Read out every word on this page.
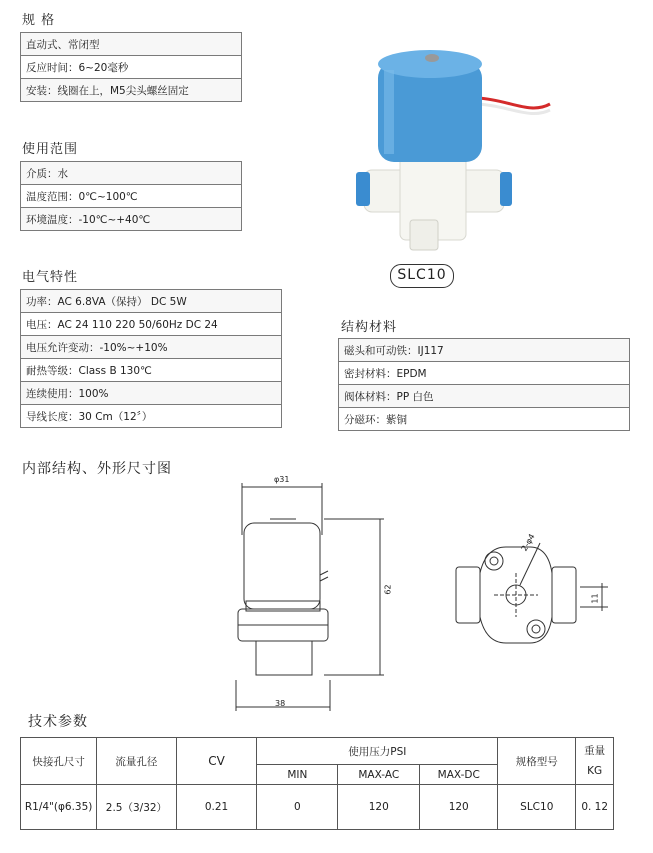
规 格
直动式、常闭型
反应时间：6~20毫秒
安装：线圈在上，M5尖头螺丝固定
使用范围
介质：水
温度范围：0℃~100℃
环境温度：-10℃~+40℃
电气特性
功率：AC 6.8VA（保持） DC 5W
电压：AC 24 110 220 50/60Hz DC 24
电压允许变动：-10%~+10%
耐热等级：Class B 130℃
连续使用：100%
导线长度：30 Cm（12〞）
结构材料
磁头和可动铁：IJ117
密封材料：EPDM
阀体材料：PP 白色
分磁环：紫铜
SLC10
内部结构、外形尺寸图
φ31
62
38
2-φ4
11
技术参数
快接孔尺寸	流量孔径	CV	使用压力PSI			规格型号	重量
KG

			MIN	MAX-AC	MAX-DC		
R1/4"(φ6.35)	2.5（3/32）	0.21	0	120	120	SLC10	0. 12
